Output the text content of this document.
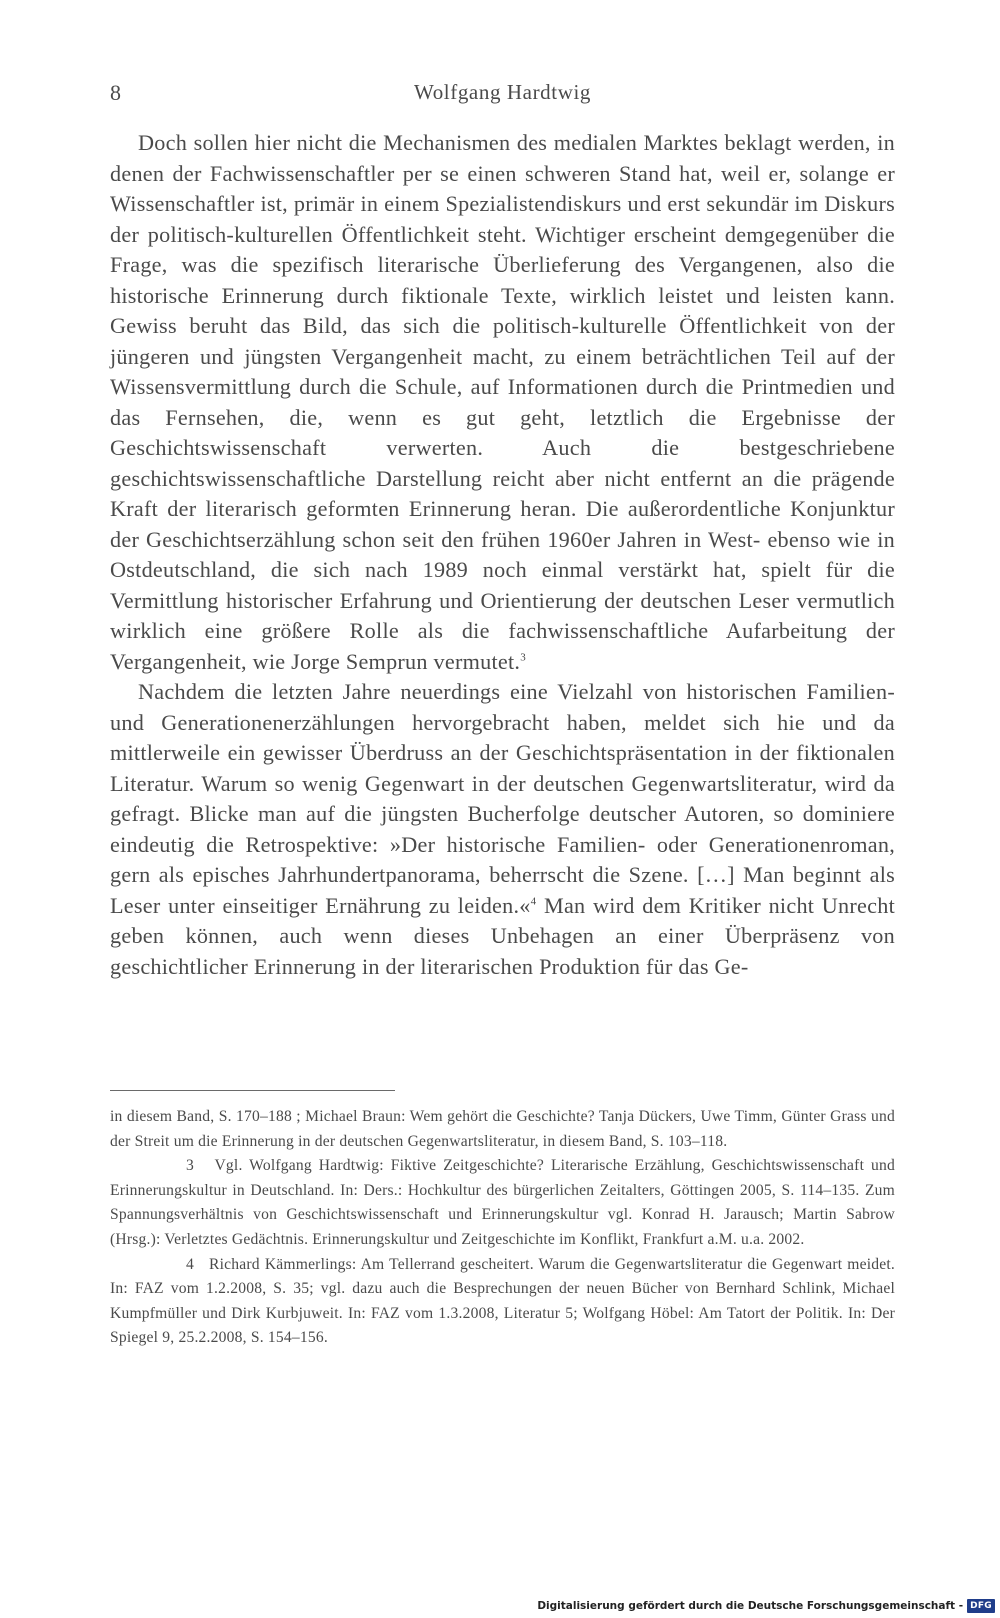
8	Wolfgang Hardtwig

Doch sollen hier nicht die Mechanismen des medialen Marktes beklagt werden, in denen der Fachwissenschaftler per se einen schweren Stand hat, weil er, solange er Wissenschaftler ist, primär in einem Spezialistendiskurs und erst sekundär im Diskurs der politisch-kulturellen Öffentlichkeit steht. Wichtiger erscheint demgegenüber die Frage, was die spezifisch literarische Überlieferung des Vergangenen, also die historische Erinnerung durch fiktionale Texte, wirklich leistet und leisten kann. Gewiss beruht das Bild, das sich die politisch-kulturelle Öffentlichkeit von der jüngeren und jüngsten Vergangenheit macht, zu einem beträchtlichen Teil auf der Wissensvermittlung durch die Schule, auf Informationen durch die Printmedien und das Fernsehen, die, wenn es gut geht, letztlich die Ergebnisse der Geschichtswissenschaft verwerten. Auch die bestgeschriebene geschichtswissenschaftliche Darstellung reicht aber nicht entfernt an die prägende Kraft der literarisch geformten Erinnerung heran. Die außerordentliche Konjunktur der Geschichtserzählung schon seit den frühen 1960er Jahren in West- ebenso wie in Ostdeutschland, die sich nach 1989 noch einmal verstärkt hat, spielt für die Vermittlung historischer Erfahrung und Orientierung der deutschen Leser vermutlich wirklich eine größere Rolle als die fachwissenschaftliche Aufarbeitung der Vergangenheit, wie Jorge Semprun vermutet.$^3$

Nachdem die letzten Jahre neuerdings eine Vielzahl von historischen Familien- und Generationenerzählungen hervorgebracht haben, meldet sich hie und da mittlerweile ein gewisser Überdruss an der Geschichtspräsentation in der fiktionalen Literatur. Warum so wenig Gegenwart in der deutschen Gegenwartsliteratur, wird da gefragt. Blicke man auf die jüngsten Bucherfolge deutscher Autoren, so dominiere eindeutig die Retrospektive: »Der historische Familien- oder Generationenroman, gern als episches Jahrhundertpanorama, beherrscht die Szene. […] Man beginnt als Leser unter einseitiger Ernährung zu leiden.«$^4$ Man wird dem Kritiker nicht Unrecht geben können, auch wenn dieses Unbehagen an einer Überpräsenz von geschichtlicher Erinnerung in der literarischen Produktion für das Ge-

in diesem Band, S. 170–188 ; Michael Braun: Wem gehört die Geschichte? Tanja Dückers, Uwe Timm, Günter Grass und der Streit um die Erinnerung in der deutschen Gegenwartsliteratur, in diesem Band, S. 103–118.

3 Vgl. Wolfgang Hardtwig: Fiktive Zeitgeschichte? Literarische Erzählung, Geschichtswissenschaft und Erinnerungskultur in Deutschland. In: Ders.: Hochkultur des bürgerlichen Zeitalters, Göttingen 2005, S. 114–135. Zum Spannungsverhältnis von Geschichtswissenschaft und Erinnerungskultur vgl. Konrad H. Jarausch; Martin Sabrow (Hrsg.): Verletztes Gedächtnis. Erinnerungskultur und Zeitgeschichte im Konflikt, Frankfurt a.M. u.a. 2002.

4 Richard Kämmerlings: Am Tellerrand gescheitert. Warum die Gegenwartsliteratur die Gegenwart meidet. In: FAZ vom 1.2.2008, S. 35; vgl. dazu auch die Besprechungen der neuen Bücher von Bernhard Schlink, Michael Kumpfmüller und Dirk Kurbjuweit. In: FAZ vom 1.3.2008, Literatur 5; Wolfgang Höbel: Am Tatort der Politik. In: Der Spiegel 9, 25.2.2008, S. 154–156.

Digitalisierung gefördert durch die Deutsche Forschungsgemeinschaft - DFG
